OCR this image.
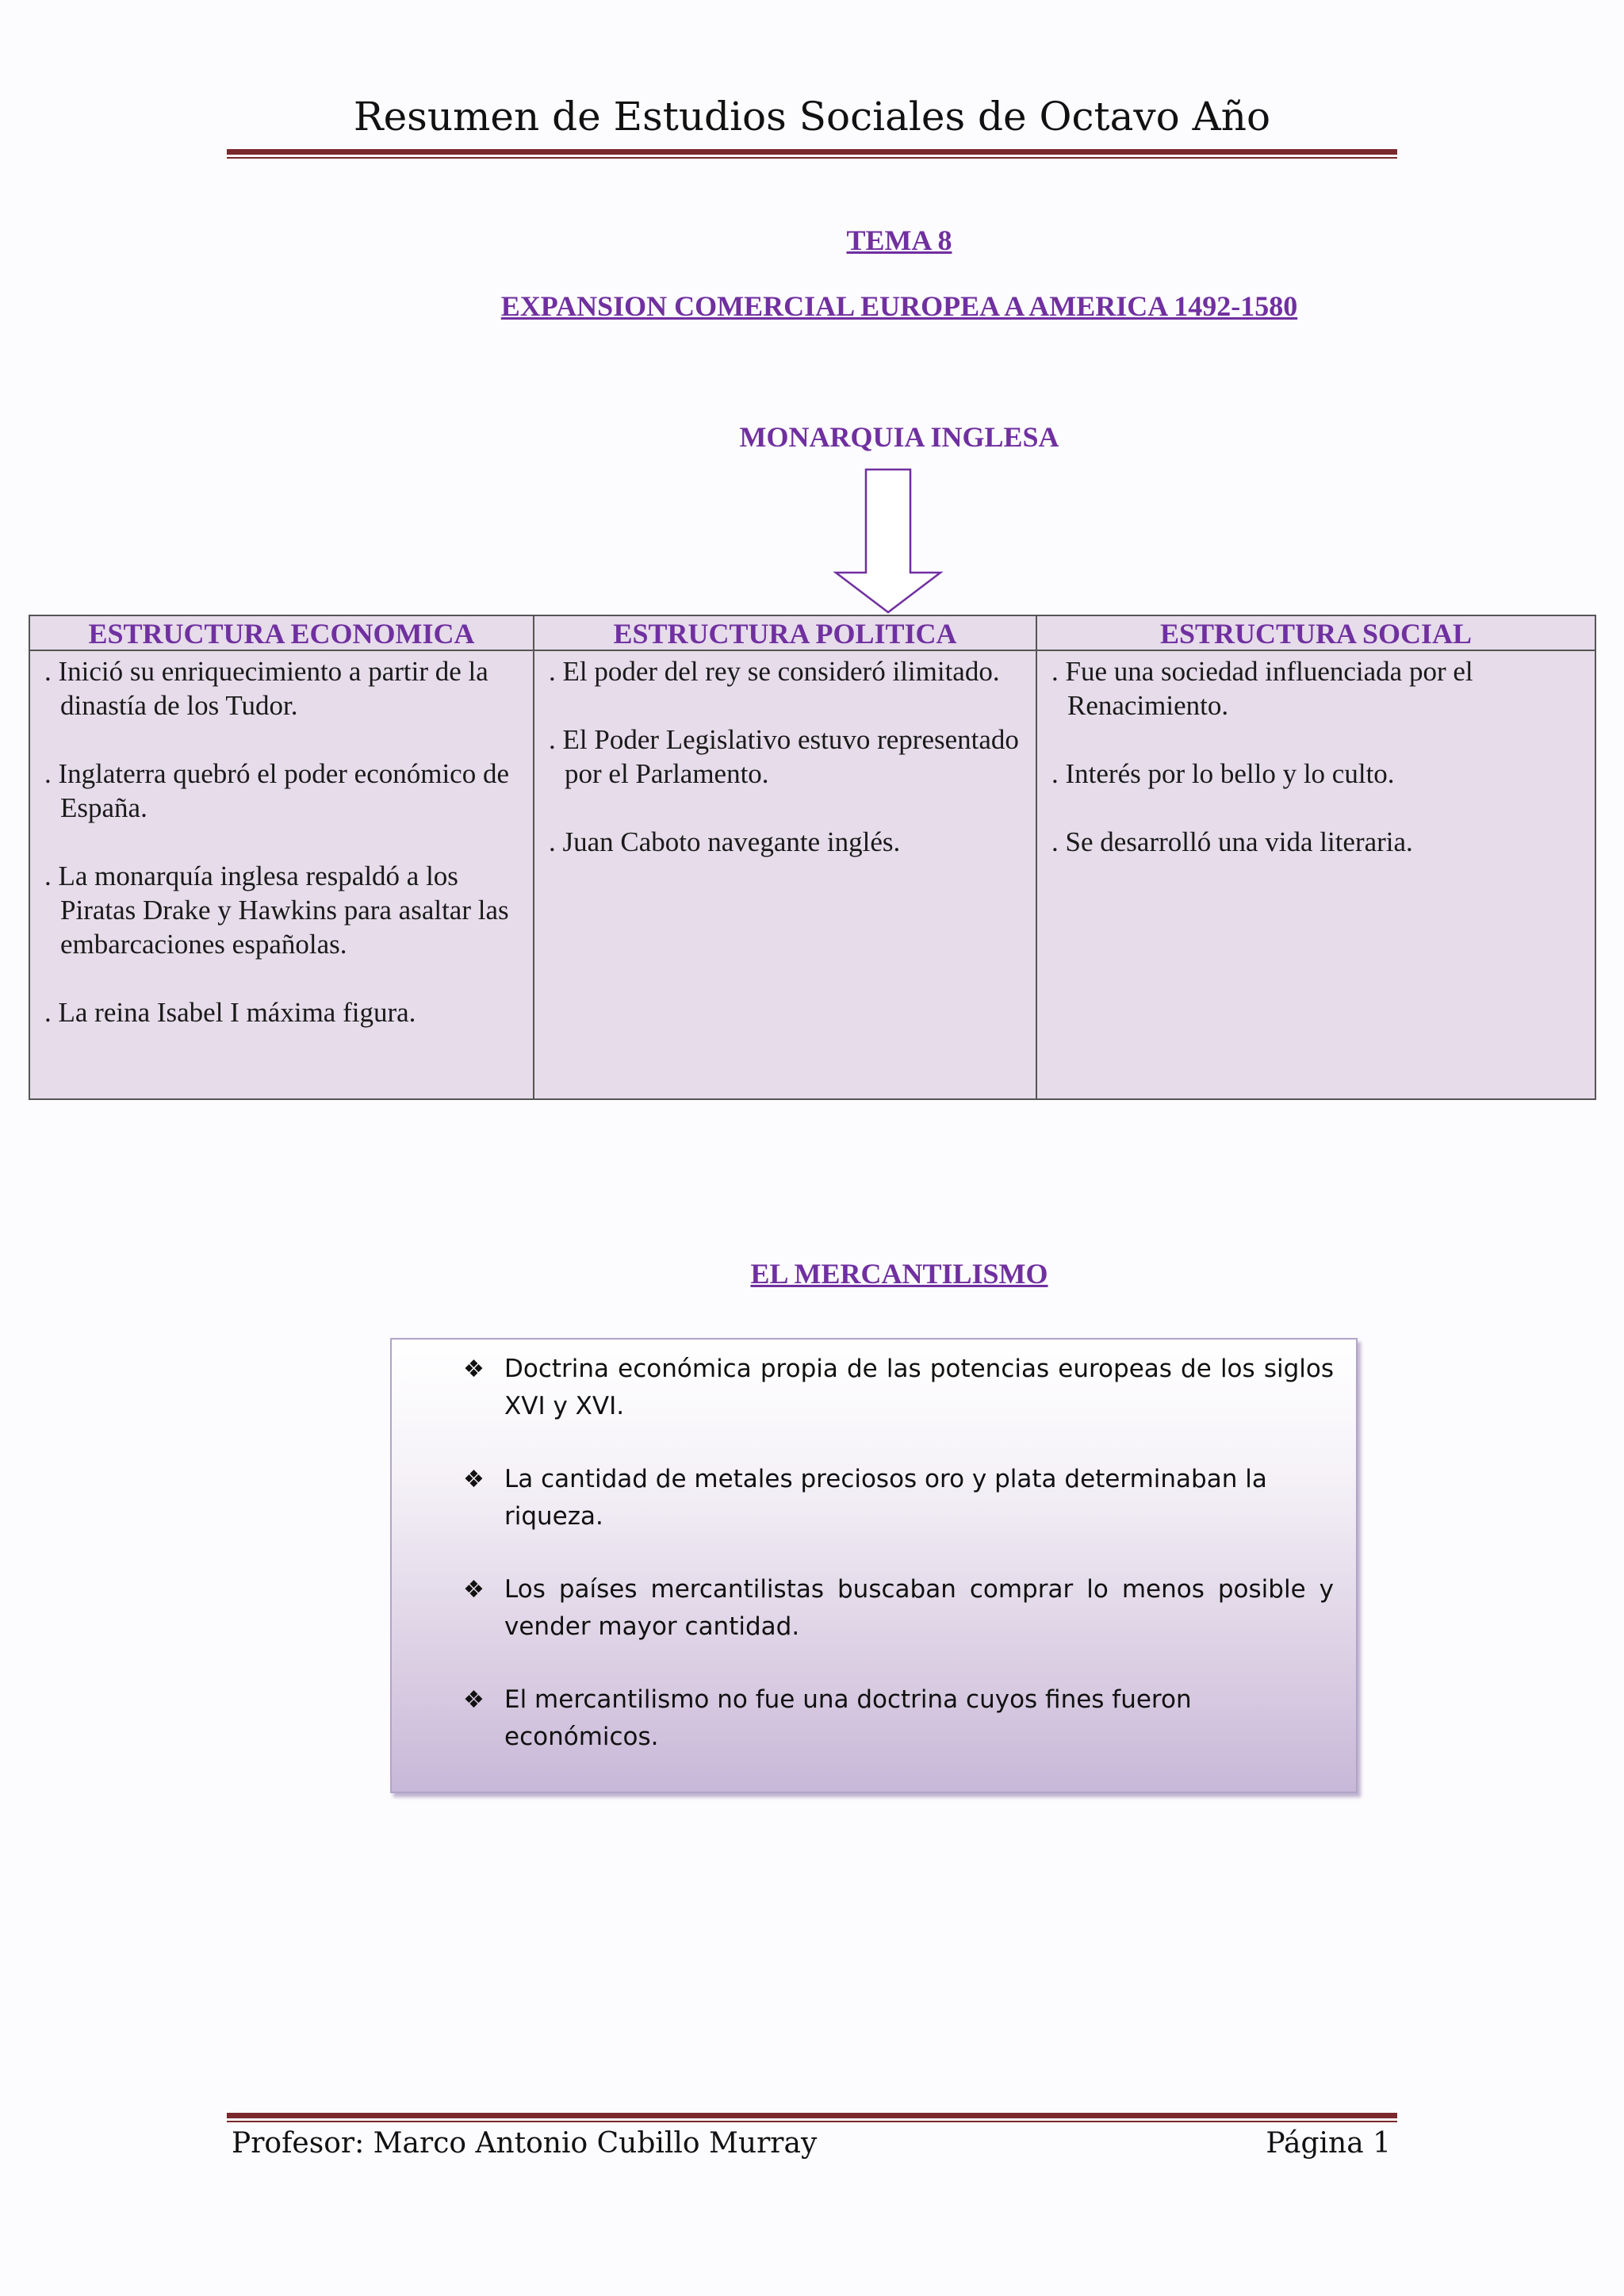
Resumen de Estudios Sociales de Octavo Año
TEMA 8
EXPANSION COMERCIAL EUROPEA A AMERICA 1492-1580
MONARQUIA INGLESA
ESTRUCTURA ECONOMICA
. Inició su enriquecimiento a partir de la dinastía de los Tudor.
. Inglaterra quebró el poder económico de España.
. La monarquía inglesa respaldó a los Piratas Drake y Hawkins para asaltar las embarcaciones españolas.
. La reina Isabel I máxima figura.
ESTRUCTURA POLITICA
. El poder del rey se consideró ilimitado.
. El Poder Legislativo estuvo representado por el Parlamento.
. Juan Caboto navegante inglés.
ESTRUCTURA SOCIAL
. Fue una sociedad influenciada por el Renacimiento.
. Interés por lo bello y lo culto.
. Se desarrolló una vida literaria.
EL MERCANTILISMO
❖ Doctrina económica propia de las potencias europeas de los siglos XVI y XVI.
❖ La cantidad de metales preciosos oro y plata determinaban la riqueza.
❖ Los países mercantilistas buscaban comprar lo menos posible y vender mayor cantidad.
❖ El mercantilismo no fue una doctrina cuyos fines fueron económicos.
Profesor: Marco Antonio Cubillo Murray	Página 1
